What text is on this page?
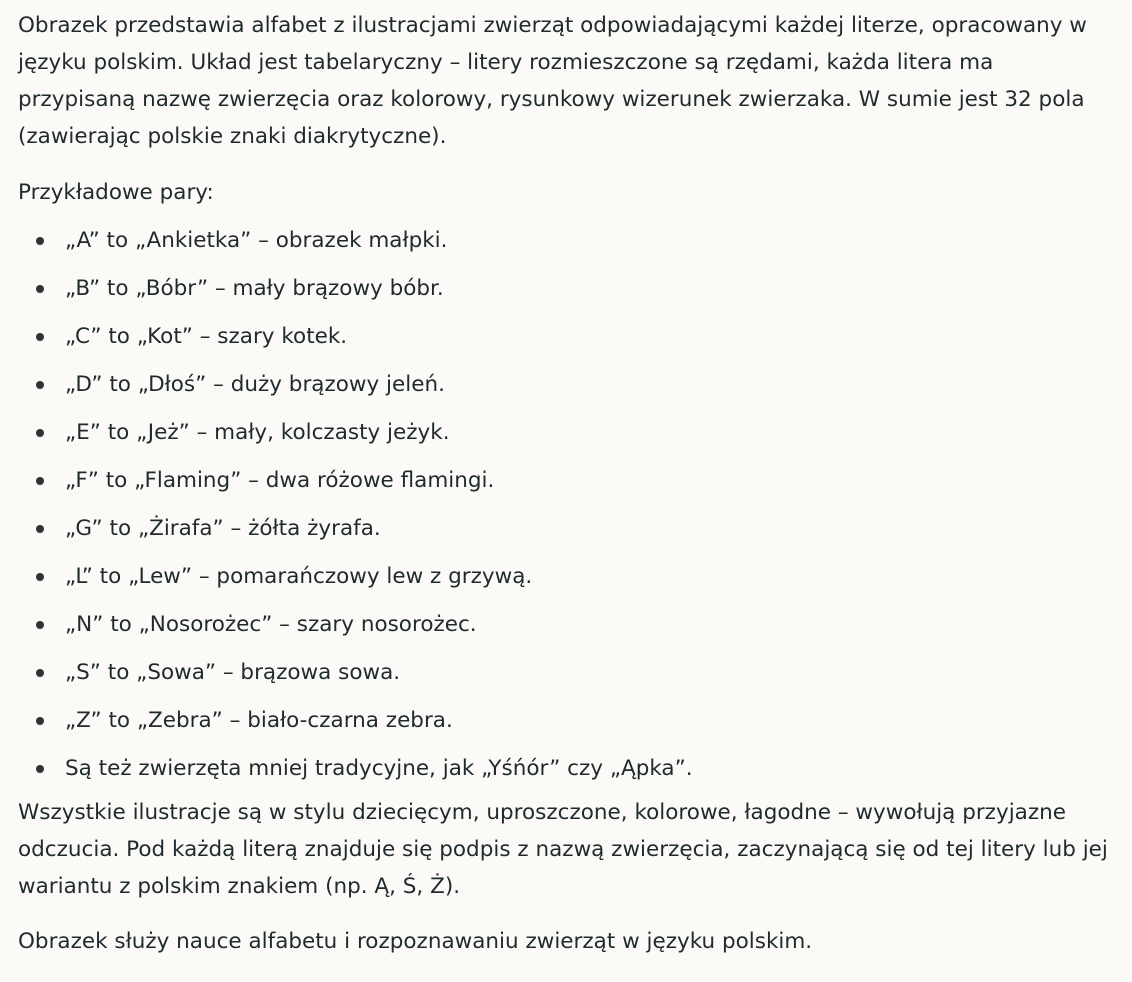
Obrazek przedstawia alfabet z ilustracjami zwierząt odpowiadającymi każdej literze, opracowany w języku polskim. Układ jest tabelaryczny – litery rozmieszczone są rzędami, każda litera ma przypisaną nazwę zwierzęcia oraz kolorowy, rysunkowy wizerunek zwierzaka. W sumie jest 32 pola (zawierając polskie znaki diakrytyczne).

Przykładowe pary:

„A” to „Ankietka” – obrazek małpki.
„B” to „Bóbr” – mały brązowy bóbr.
„C” to „Kot” – szary kotek.
„D” to „Dłoś” – duży brązowy jeleń.
„E” to „Jeż” – mały, kolczasty jeżyk.
„F” to „Flaming” – dwa różowe flamingi.
„G” to „Żirafa” – żółta żyrafa.
„L” to „Lew” – pomarańczowy lew z grzywą.
„N” to „Nosorożec” – szary nosorożec.
„S” to „Sowa” – brązowa sowa.
„Z” to „Zebra” – biało-czarna zebra.
Są też zwierzęta mniej tradycyjne, jak „Yśńór” czy „Ąpka”.

Wszystkie ilustracje są w stylu dziecięcym, uproszczone, kolorowe, łagodne – wywołują przyjazne odczucia. Pod każdą literą znajduje się podpis z nazwą zwierzęcia, zaczynającą się od tej litery lub jej wariantu z polskim znakiem (np. Ą, Ś, Ż).

Obrazek służy nauce alfabetu i rozpoznawaniu zwierząt w języku polskim.
